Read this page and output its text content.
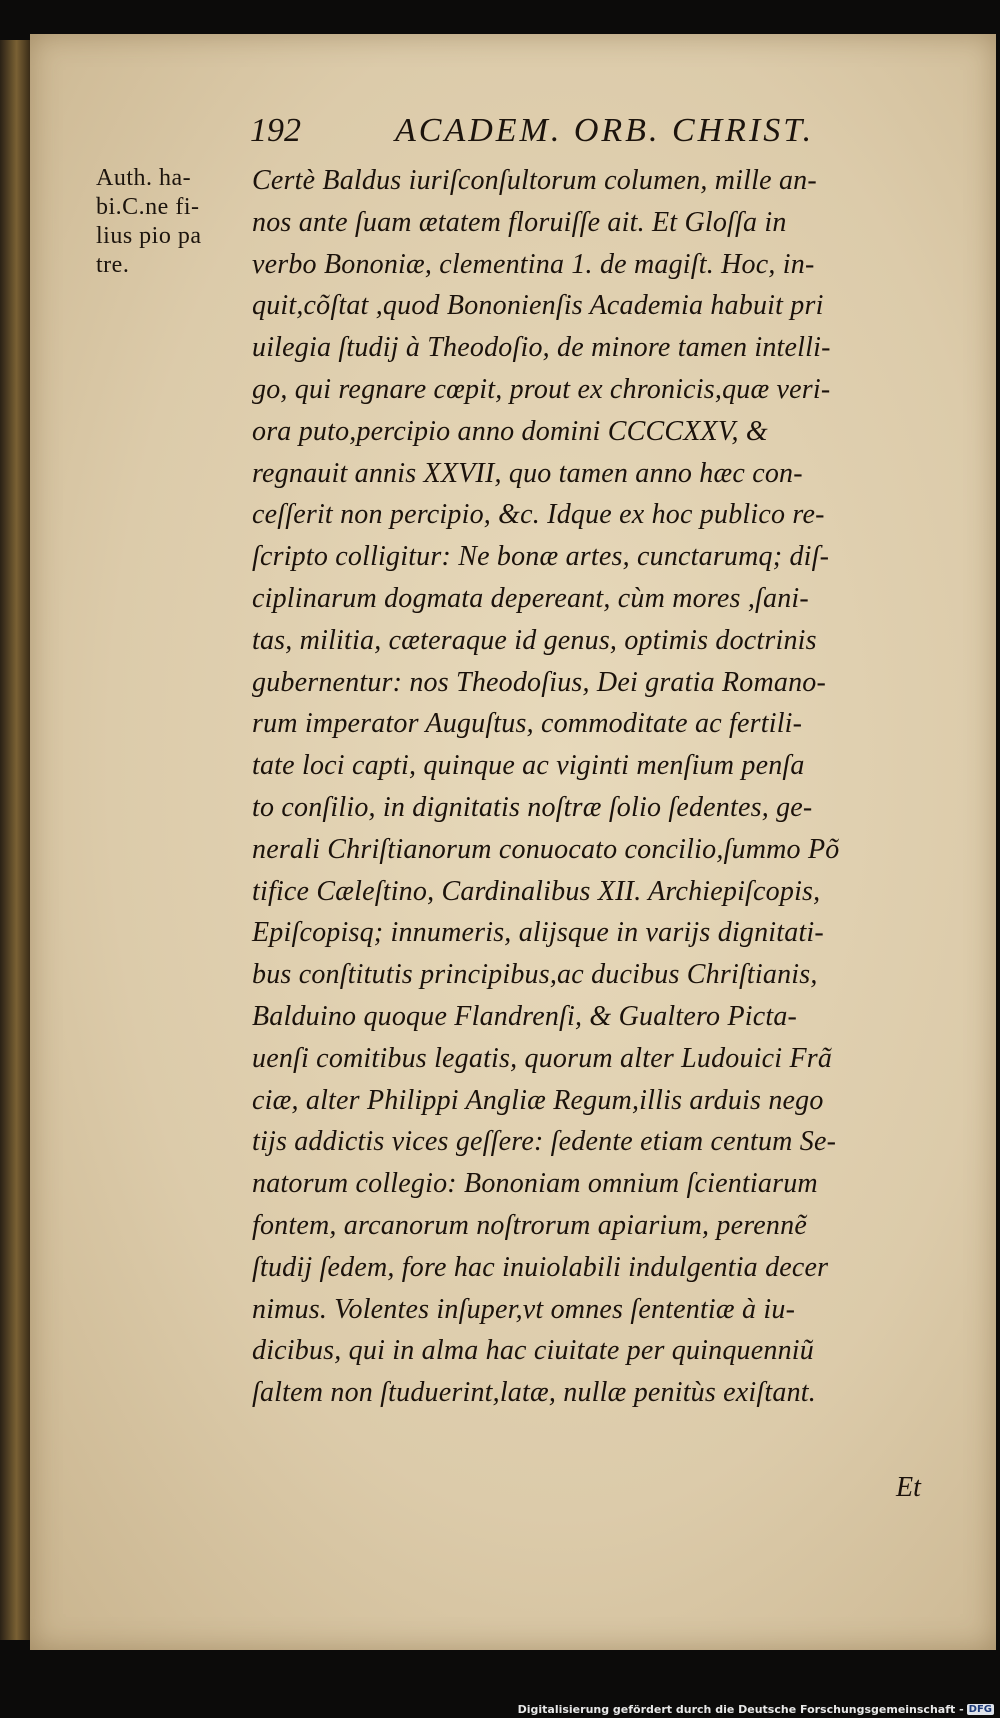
192	ACADEM. ORB. CHRIST.
Auth. ha-
bi.C.ne fi-
lius pio pa
tre.
Certè Baldus iuriſconſultorum columen, mille an-
nos ante ſuam ætatem floruiſſe ait. Et Gloſſa in
verbo Bononiæ, clementina 1. de magiſt. Hoc, in-
quit,cõſtat ,quod Bononienſis Academia habuit pri
uilegia ſtudij à Theodoſio, de minore tamen intelli-
go, qui regnare cœpit, prout ex chronicis,quæ veri-
ora puto,percipio anno domini CCCCXXV, &
regnauit annis XXVII, quo tamen anno hæc con-
ceſſerit non percipio, &c. Idque ex hoc publico re-
ſcripto colligitur: Ne bonæ artes, cunctarumq; diſ-
ciplinarum dogmata depereant, cùm mores ,ſani-
tas, militia, cæteraque id genus, optimis doctrinis
gubernentur: nos Theodoſius, Dei gratia Romano-
rum imperator Auguſtus, commoditate ac fertili-
tate loci capti, quinque ac viginti menſium penſa
to conſilio, in dignitatis noſtræ ſolio ſedentes, ge-
nerali Chriſtianorum conuocato concilio,ſummo Põ
tifice Cæleſtino, Cardinalibus XII. Archiepiſcopis,
Epiſcopisq; innumeris, alijsque in varijs dignitati-
bus conſtitutis principibus,ac ducibus Chriſtianis,
Balduino quoque Flandrenſi, & Gualtero Picta-
uenſi comitibus legatis, quorum alter Ludouici Frã
ciæ, alter Philippi Angliæ Regum,illis arduis nego
tijs addictis vices geſſere: ſedente etiam centum Se-
natorum collegio: Bononiam omnium ſcientiarum
fontem, arcanorum noſtrorum apiarium, perennẽ
ſtudij ſedem, fore hac inuiolabili indulgentia decer
nimus. Volentes inſuper,vt omnes ſententiæ à iu-
dicibus, qui in alma hac ciuitate per quinquenniũ
ſaltem non ſtuduerint,latæ, nullæ penitùs exiſtant.
Et
Digitalisierung gefördert durch die Deutsche Forschungsgemeinschaft - DFG
